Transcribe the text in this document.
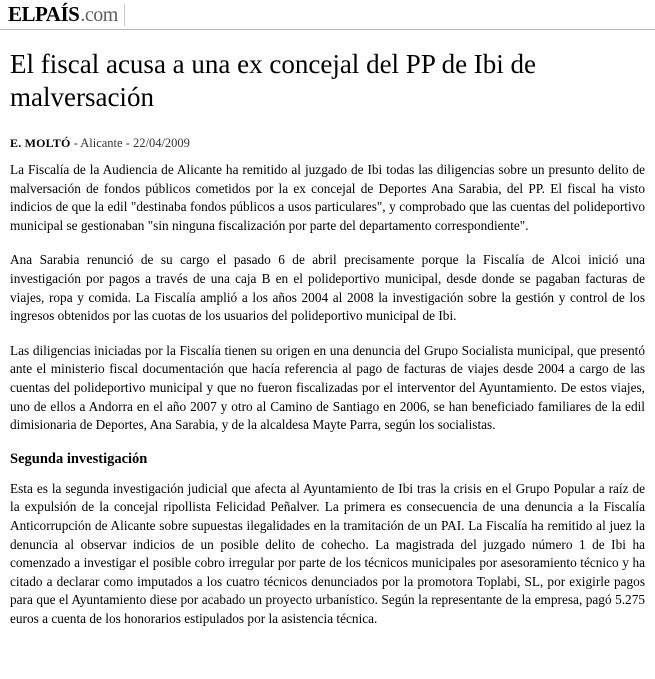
EL PAÍS .com
El fiscal acusa a una ex concejal del PP de Ibi de malversación
E. MOLTÓ - Alicante - 22/04/2009

La Fiscalía de la Audiencia de Alicante ha remitido al juzgado de Ibi todas las diligencias sobre un presunto delito de malversación de fondos públicos cometidos por la ex concejal de Deportes Ana Sarabia, del PP. El fiscal ha visto indicios de que la edil "destinaba fondos públicos a usos particulares", y comprobado que las cuentas del polideportivo municipal se gestionaban "sin ninguna fiscalización por parte del departamento correspondiente".

Ana Sarabia renunció de su cargo el pasado 6 de abril precisamente porque la Fiscalía de Alcoi inició una investigación por pagos a través de una caja B en el polideportivo municipal, desde donde se pagaban facturas de viajes, ropa y comida. La Fiscalía amplió a los años 2004 al 2008 la investigación sobre la gestión y control de los ingresos obtenidos por las cuotas de los usuarios del polideportivo municipal de Ibi.

Las diligencias iniciadas por la Fiscalía tienen su origen en una denuncia del Grupo Socialista municipal, que presentó ante el ministerio fiscal documentación que hacía referencia al pago de facturas de viajes desde 2004 a cargo de las cuentas del polideportivo municipal y que no fueron fiscalizadas por el interventor del Ayuntamiento. De estos viajes, uno de ellos a Andorra en el año 2007 y otro al Camino de Santiago en 2006, se han beneficiado familiares de la edil dimisionaria de Deportes, Ana Sarabia, y de la alcaldesa Mayte Parra, según los socialistas.

Segunda investigación

Esta es la segunda investigación judicial que afecta al Ayuntamiento de Ibi tras la crisis en el Grupo Popular a raíz de la expulsión de la concejal ripollista Felicidad Peñalver. La primera es consecuencia de una denuncia a la Fiscalía Anticorrupción de Alicante sobre supuestas ilegalidades en la tramitación de un PAI. La Fiscalía ha remitido al juez la denuncia al observar indicios de un posible delito de cohecho. La magistrada del juzgado número 1 de Ibi ha comenzado a investigar el posible cobro irregular por parte de los técnicos municipales por asesoramiento técnico y ha citado a declarar como imputados a los cuatro técnicos denunciados por la promotora Toplabi, SL, por exigirle pagos para que el Ayuntamiento diese por acabado un proyecto urbanístico. Según la representante de la empresa, pagó 5.275 euros a cuenta de los honorarios estipulados por la asistencia técnica.
